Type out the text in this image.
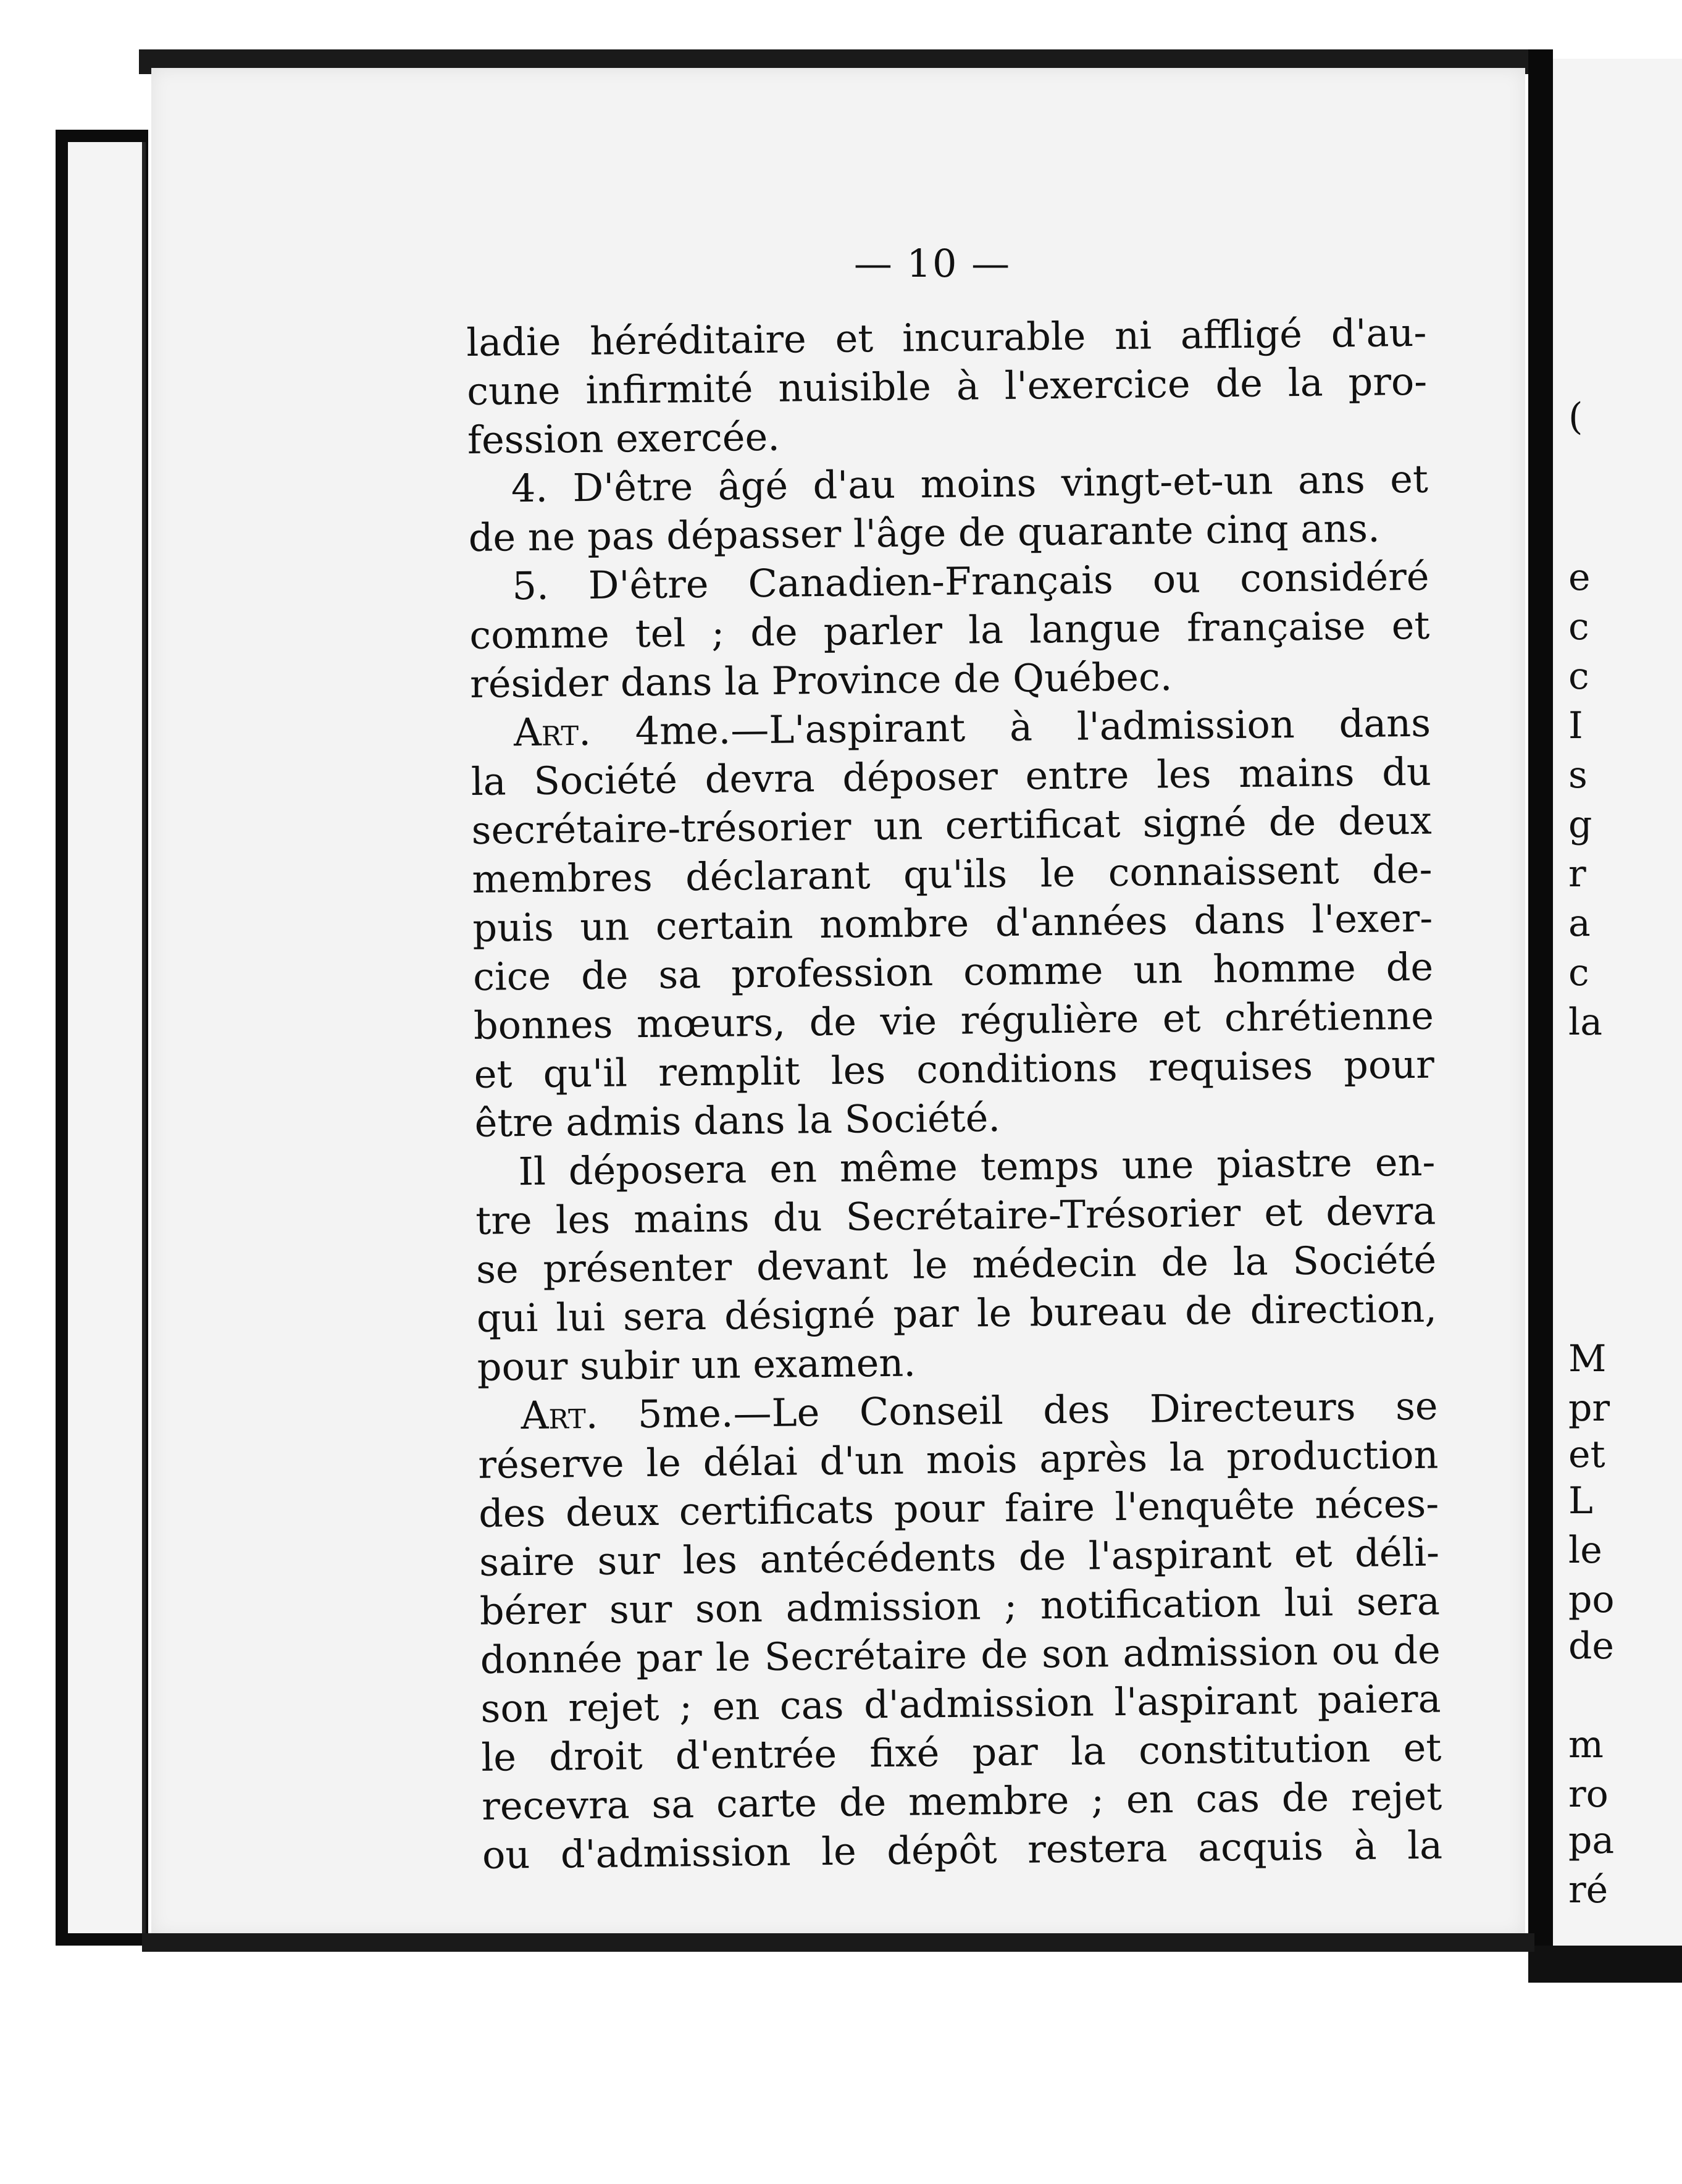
— 10 —
ladie héréditaire et incurable ni affligé d'au-
cune infirmité nuisible à l'exercice de la pro-
fession exercée.
4. D'être âgé d'au moins vingt-et-un ans et
de ne pas dépasser l'âge de quarante cinq ans.
5. D'être Canadien-Français ou considéré
comme tel ; de parler la langue française et
résider dans la Province de Québec.
Art. 4me.—L'aspirant à l'admission dans
la Société devra déposer entre les mains du
secrétaire-trésorier un certificat signé de deux
membres déclarant qu'ils le connaissent de-
puis un certain nombre d'années dans l'exer-
cice de sa profession comme un homme de
bonnes mœurs, de vie régulière et chrétienne
et qu'il remplit les conditions requises pour
être admis dans la Société.
Il déposera en même temps une piastre en-
tre les mains du Secrétaire-Trésorier et devra
se présenter devant le médecin de la Société
qui lui sera désigné par le bureau de direction,
pour subir un examen.
Art. 5me.—Le Conseil des Directeurs se
réserve le délai d'un mois après la production
des deux certificats pour faire l'enquête néces-
saire sur les antécédents de l'aspirant et déli-
bérer sur son admission ; notification lui sera
donnée par le Secrétaire de son admission ou de
son rejet ; en cas d'admission l'aspirant paiera
le droit d'entrée fixé par la constitution et
recevra sa carte de membre ; en cas de rejet
ou d'admission le dépôt restera acquis à la
(
e
c
c
I
s
g
r
a
c
la
M
pr
et
L
le
po
de
m
ro
pa
ré
